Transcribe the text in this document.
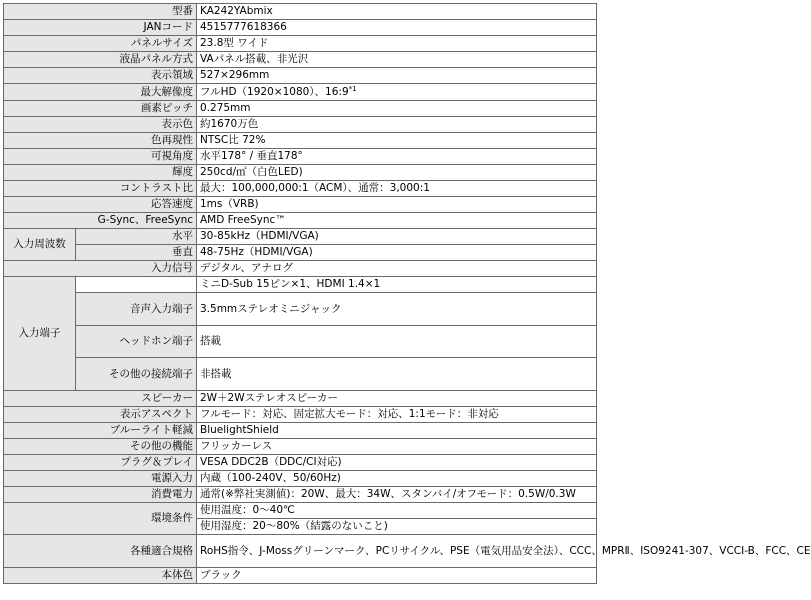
型番		KA242YAbmix
JANコード		4515777618366
パネルサイズ		23.8型 ワイド
液晶パネル方式		VAパネル搭載、非光沢
表示領域		527×296mm
最大解像度		フルHD（1920×1080）、16:9$^{*1}$
画素ピッチ		0.275mm
表示色		約1670万色
色再現性		NTSC比 72%
可視角度		水平178° / 垂直178°
輝度		250cd/㎡（白色LED)
コントラスト比		最大：100,000,000:1（ACM）、通常：3,000:1
応答速度		1ms（VRB)
G-Sync、FreeSync		AMD FreeSync™
入力周波数	水平	30-85kHz（HDMI/VGA)
	垂直	48-75Hz（HDMI/VGA)
入力信号		デジタル、アナログ
入力端子		ミニD-Sub 15ピン×1、HDMI 1.4×1
	音声入力端子	3.5mmステレオミニジャック
	ヘッドホン端子	搭載
	その他の接続端子	非搭載
スピーカー		2W＋2Wステレオスピーカー
表示アスペクト		フルモード：対応、固定拡大モード：対応、1:1モード：非対応
ブルーライト軽減		BluelightShield
その他の機能		フリッカーレス
プラグ＆プレイ		VESA DDC2B（DDC/CI対応)
電源入力		内蔵（100-240V、50/60Hz)
消費電力		通常(※弊社実測値)：20W、最大：34W、スタンバイ/オフモード：0.5W/0.3W
環境条件		使用温度：0～40℃
		使用湿度：20～80%（結露のないこと)
各種適合規格		RoHS指令、J-Mossグリーンマーク、PCリサイクル、PSE（電気用品安全法）、CCC、MPRⅡ、ISO9241-307、VCCI-B、FCC、CE
本体色		ブラック
